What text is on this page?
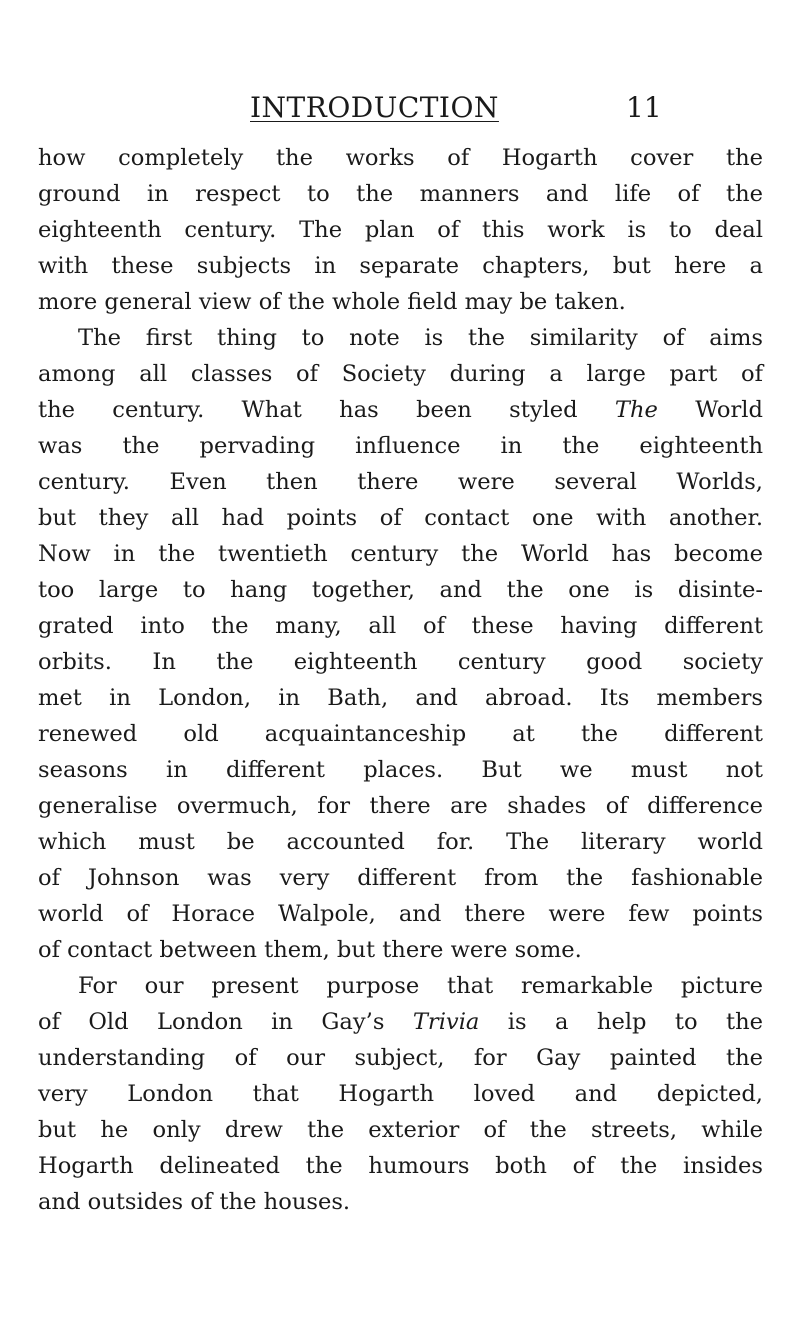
INTRODUCTION	11
how completely the works of Hogarth cover the
ground in respect to the manners and life of the
eighteenth century. The plan of this work is to deal
with these subjects in separate chapters, but here a
more general view of the whole field may be taken.
The first thing to note is the similarity of aims
among all classes of Society during a large part of
the century. What has been styled The World
was the pervading influence in the eighteenth
century. Even then there were several Worlds,
but they all had points of contact one with another.
Now in the twentieth century the World has become
too large to hang together, and the one is disinte-
grated into the many, all of these having different
orbits. In the eighteenth century good society
met in London, in Bath, and abroad. Its members
renewed old acquaintanceship at the different
seasons in different places. But we must not
generalise overmuch, for there are shades of difference
which must be accounted for. The literary world
of Johnson was very different from the fashionable
world of Horace Walpole, and there were few points
of contact between them, but there were some.
For our present purpose that remarkable picture
of Old London in Gay’s Trivia is a help to the
understanding of our subject, for Gay painted the
very London that Hogarth loved and depicted,
but he only drew the exterior of the streets, while
Hogarth delineated the humours both of the insides
and outsides of the houses.
